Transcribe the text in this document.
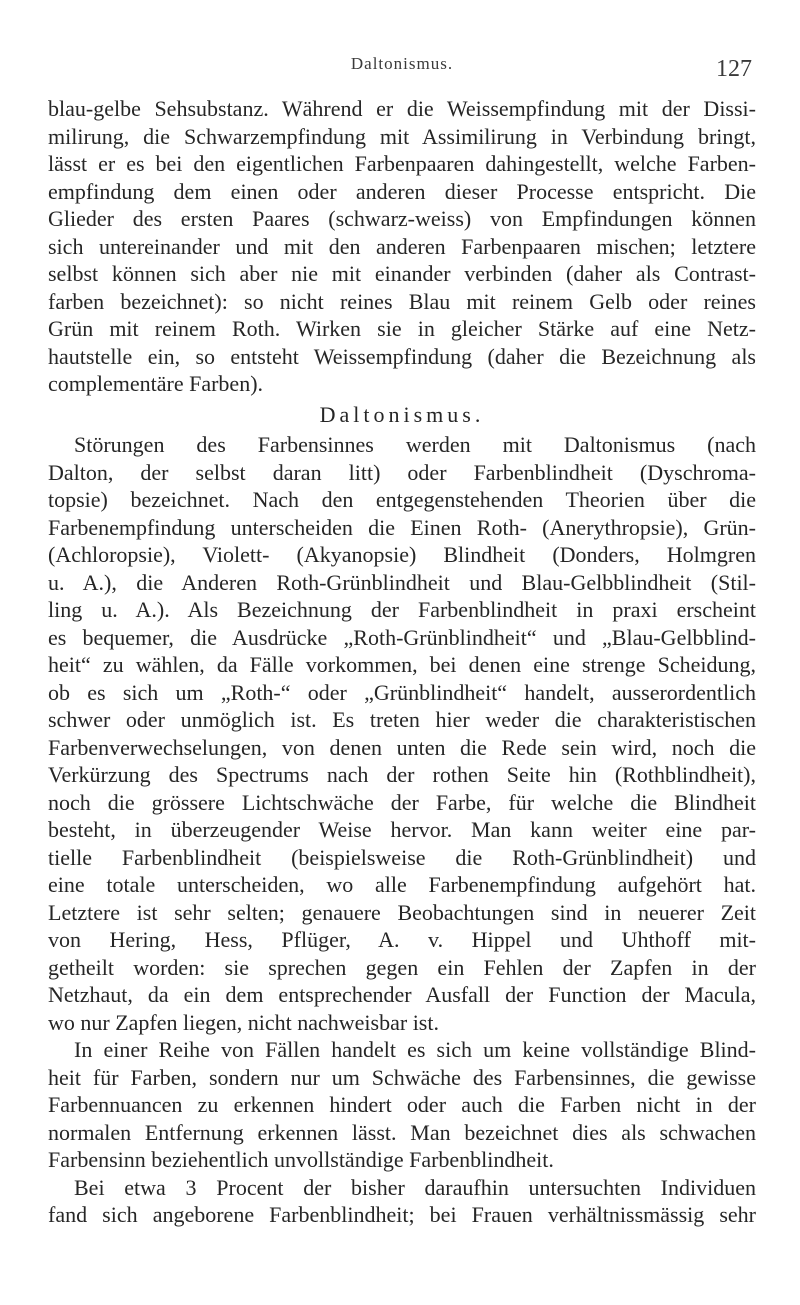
Daltonismus.	127
blau-gelbe Sehsubstanz. Während er die Weissempfindung mit der Dissi-
milirung, die Schwarzempfindung mit Assimilirung in Verbindung bringt,
lässt er es bei den eigentlichen Farbenpaaren dahingestellt, welche Farben-
empfindung dem einen oder anderen dieser Processe entspricht. Die
Glieder des ersten Paares (schwarz-weiss) von Empfindungen können
sich untereinander und mit den anderen Farbenpaaren mischen; letztere
selbst können sich aber nie mit einander verbinden (daher als Contrast-
farben bezeichnet): so nicht reines Blau mit reinem Gelb oder reines
Grün mit reinem Roth. Wirken sie in gleicher Stärke auf eine Netz-
hautstelle ein, so entsteht Weissempfindung (daher die Bezeichnung als
complementäre Farben).
Daltonismus.
Störungen des Farbensinnes werden mit Daltonismus (nach
Dalton, der selbst daran litt) oder Farbenblindheit (Dyschroma-
topsie) bezeichnet. Nach den entgegenstehenden Theorien über die
Farbenempfindung unterscheiden die Einen Roth- (Anerythropsie), Grün-
(Achloropsie), Violett- (Akyanopsie) Blindheit (Donders, Holmgren
u. A.), die Anderen Roth-Grünblindheit und Blau-Gelbblindheit (Stil-
ling u. A.). Als Bezeichnung der Farbenblindheit in praxi erscheint
es bequemer, die Ausdrücke „Roth-Grünblindheit“ und „Blau-Gelbblind-
heit“ zu wählen, da Fälle vorkommen, bei denen eine strenge Scheidung,
ob es sich um „Roth-“ oder „Grünblindheit“ handelt, ausserordentlich
schwer oder unmöglich ist. Es treten hier weder die charakteristischen
Farbenverwechselungen, von denen unten die Rede sein wird, noch die
Verkürzung des Spectrums nach der rothen Seite hin (Rothblindheit),
noch die grössere Lichtschwäche der Farbe, für welche die Blindheit
besteht, in überzeugender Weise hervor. Man kann weiter eine par-
tielle Farbenblindheit (beispielsweise die Roth-Grünblindheit) und
eine totale unterscheiden, wo alle Farbenempfindung aufgehört hat.
Letztere ist sehr selten; genauere Beobachtungen sind in neuerer Zeit
von Hering, Hess, Pflüger, A. v. Hippel und Uhthoff mit-
getheilt worden: sie sprechen gegen ein Fehlen der Zapfen in der
Netzhaut, da ein dem entsprechender Ausfall der Function der Macula,
wo nur Zapfen liegen, nicht nachweisbar ist.
In einer Reihe von Fällen handelt es sich um keine vollständige Blind-
heit für Farben, sondern nur um Schwäche des Farbensinnes, die gewisse
Farbennuancen zu erkennen hindert oder auch die Farben nicht in der
normalen Entfernung erkennen lässt. Man bezeichnet dies als schwachen
Farbensinn beziehentlich unvollständige Farbenblindheit.
Bei etwa 3 Procent der bisher daraufhin untersuchten Individuen
fand sich angeborene Farbenblindheit; bei Frauen verhältnissmässig sehr
